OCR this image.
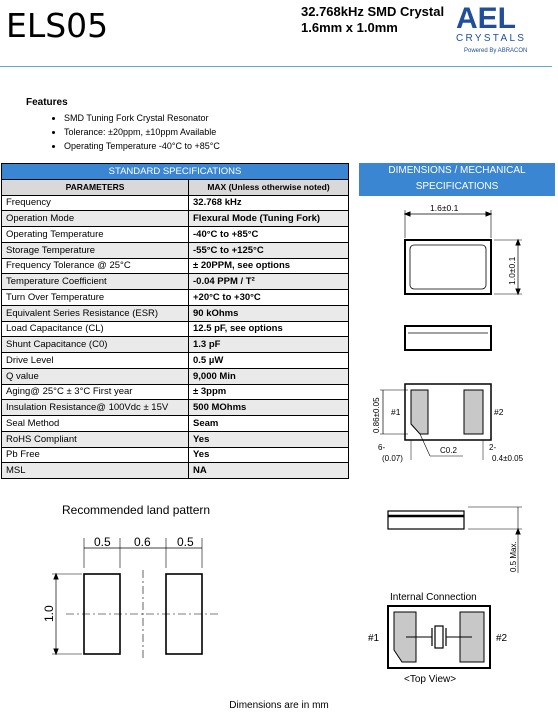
ELS05	32.768kHz SMD Crystal
1.6mm x 1.0mm	AEL
CRYSTALS
Powered By ABRACON
Features
• SMD Tuning Fork Crystal Resonator
• Tolerance: ±20ppm, ±10ppm Available
• Operating Temperature -40°C to +85°C
STANDARD SPECIFICATIONS	
PARAMETERS	MAX (Unless otherwise noted)
Frequency	32.768 kHz
Operation Mode	Flexural Mode (Tuning Fork)
Operating Temperature	-40°C to +85°C
Storage Temperature	-55°C to +125°C
Frequency Tolerance @ 25°C	± 20PPM, see options
Temperature Coefficient	-0.04 PPM / T²
Turn Over Temperature	+20°C to +30°C
Equivalent Series Resistance (ESR)	90 kOhms
Load Capacitance (CL)	12.5 pF, see options
Shunt Capacitance (C0)	1.3 pF
Drive Level	0.5 µW
Q value	9,000 Min
Aging@ 25°C ± 3°C First year	± 3ppm
Insulation Resistance@ 100Vdc ± 15V	500 MOhms
Seal Method	Seam
RoHS Compliant	Yes
Pb Free	Yes
MSL	NA
DIMENSIONS / MECHANICAL
SPECIFICATIONS
1.6±0.1
1.0±0.1
0.86±0.05 #1	#2
6-
(0.07)
C0.2	2-
0.4±0.05
0.5 Max.
Internal Connection
#1	#2
<Top View>
Recommended land pattern
0.5 0.6 0.5
1.0
Dimensions are in mm
